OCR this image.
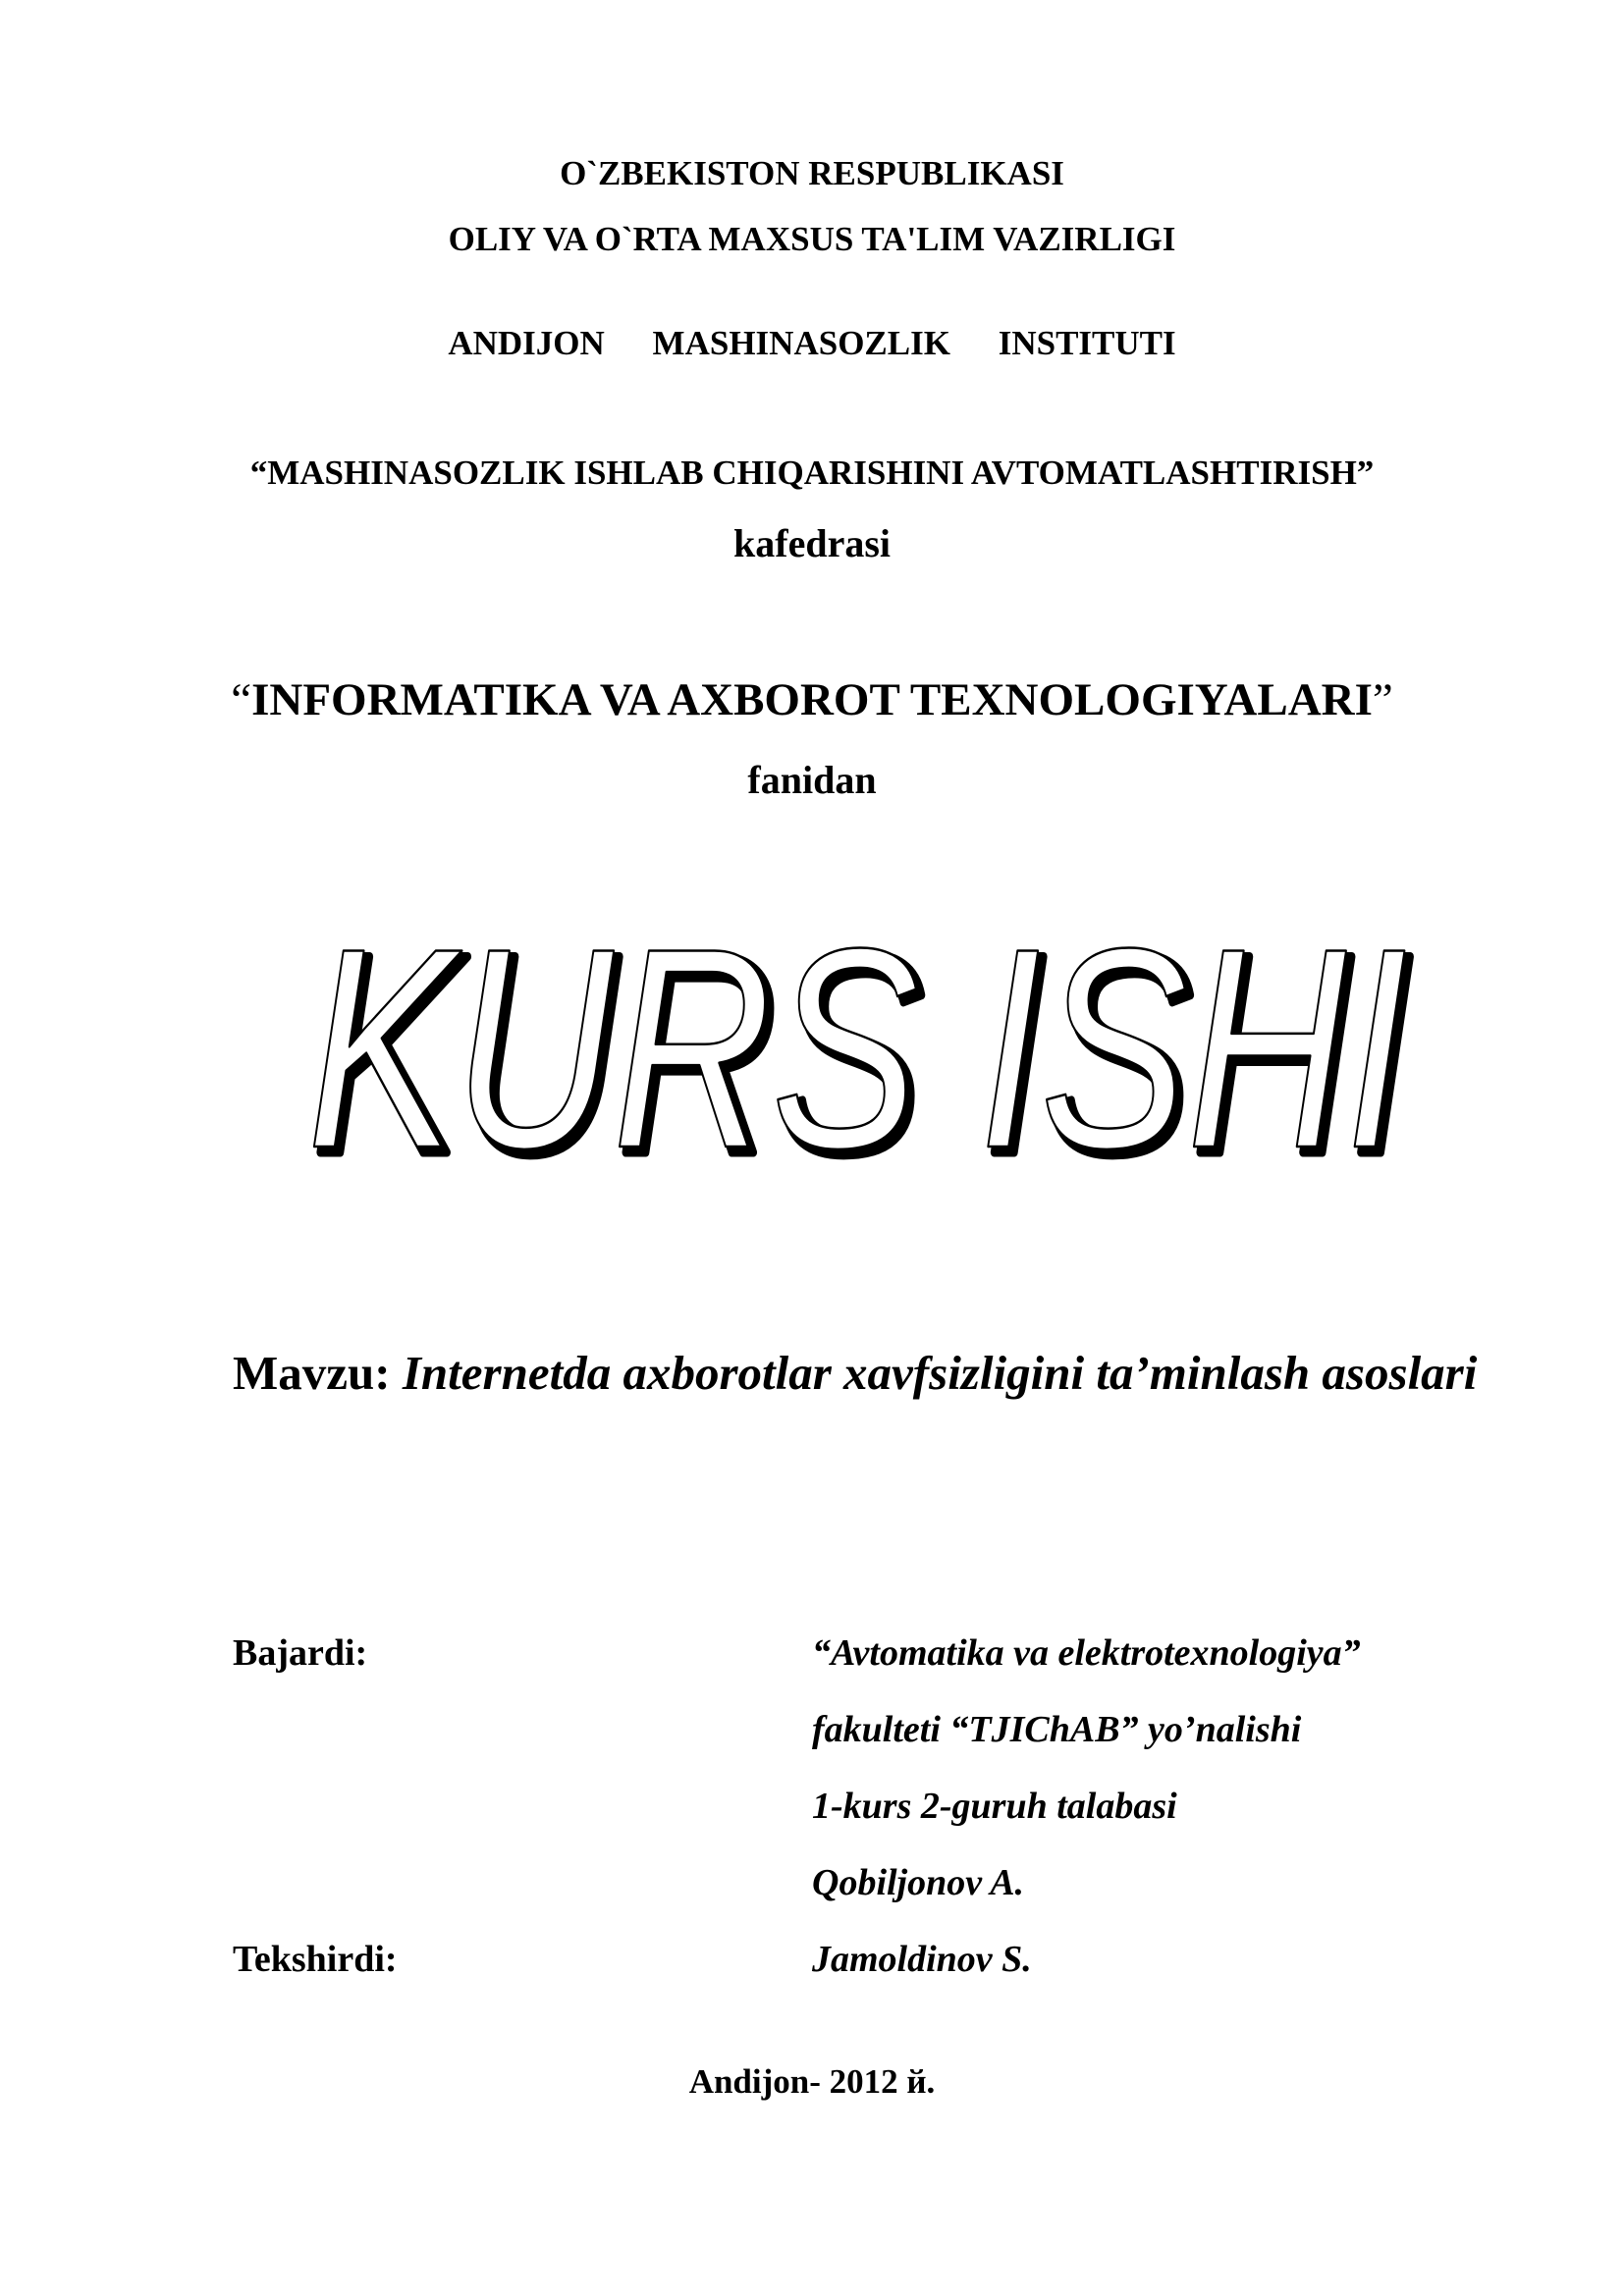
O`ZBEKISTON RESPUBLIKASI
OLIY VA O`RTA MAXSUS TA'LIM VAZIRLIGI
ANDIJON MASHINASOZLIK INSTITUTI
“MASHINASOZLIK ISHLAB CHIQARISHINI AVTOMATLASHTIRISH”
kafedrasi
“INFORMATIKA VA AXBOROT TEXNOLOGIYALARI”
fanidan
KURS ISHI
KURS ISHI
Mavzu: Internetda axborotlar xavfsizligini ta’minlash asoslari
Bajardi:	“Avtomatika va elektrotexnologiya”
fakulteti “TJIChAB” yo’nalishi
1-kurs 2-guruh talabasi
Qobiljonov A.
Tekshirdi:	Jamoldinov S.
Andijon- 2012 й.
